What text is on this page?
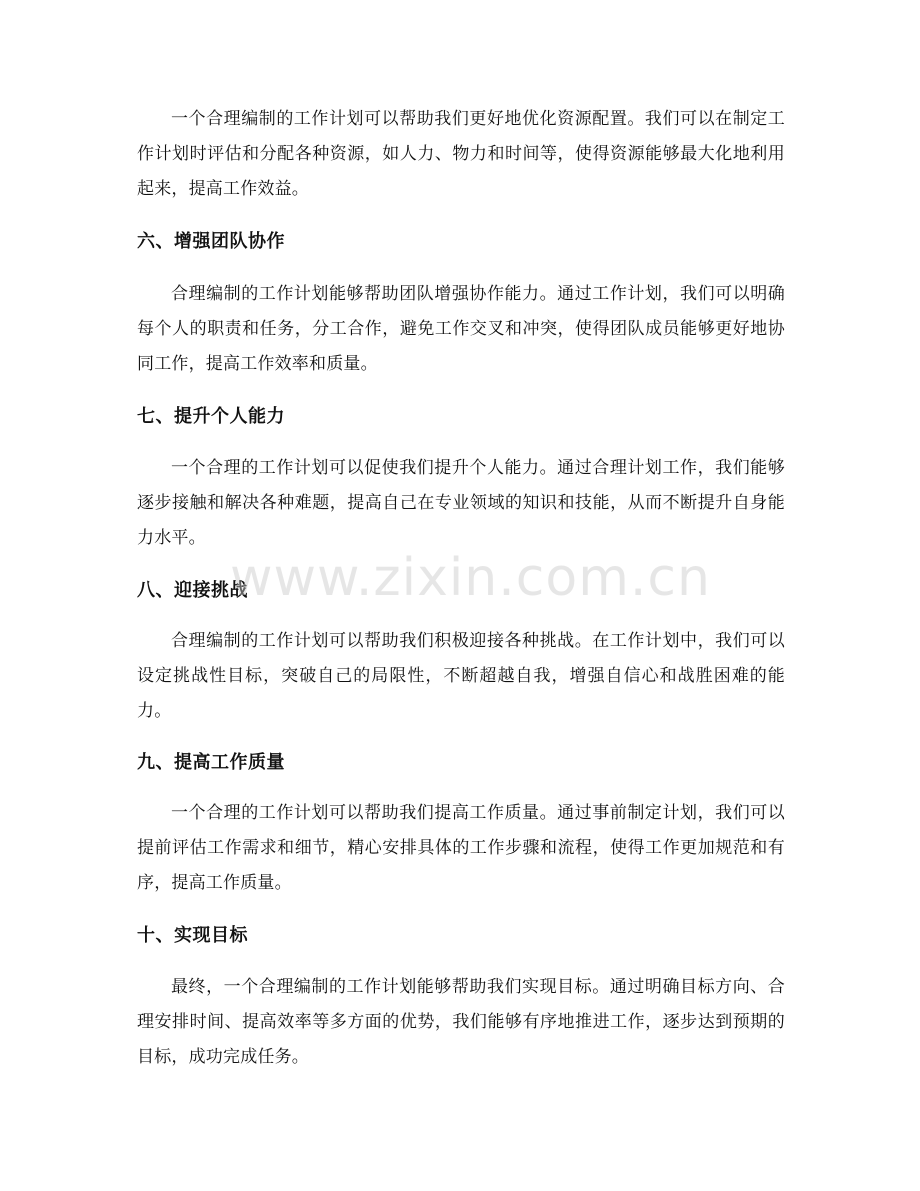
一个合理编制的工作计划可以帮助我们更好地优化资源配置。我们可以在制定工作计划时评估和分配各种资源，如人力、物力和时间等，使得资源能够最大化地利用起来，提高工作效益。

六、增强团队协作

合理编制的工作计划能够帮助团队增强协作能力。通过工作计划，我们可以明确每个人的职责和任务，分工合作，避免工作交叉和冲突，使得团队成员能够更好地协同工作，提高工作效率和质量。

七、提升个人能力

一个合理的工作计划可以促使我们提升个人能力。通过合理计划工作，我们能够逐步接触和解决各种难题，提高自己在专业领域的知识和技能，从而不断提升自身能力水平。

八、迎接挑战

合理编制的工作计划可以帮助我们积极迎接各种挑战。在工作计划中，我们可以设定挑战性目标，突破自己的局限性，不断超越自我，增强自信心和战胜困难的能力。

九、提高工作质量

一个合理的工作计划可以帮助我们提高工作质量。通过事前制定计划，我们可以提前评估工作需求和细节，精心安排具体的工作步骤和流程，使得工作更加规范和有序，提高工作质量。

十、实现目标

最终，一个合理编制的工作计划能够帮助我们实现目标。通过明确目标方向、合理安排时间、提高效率等多方面的优势，我们能够有序地推进工作，逐步达到预期的目标，成功完成任务。

www.zixin.com.cn
